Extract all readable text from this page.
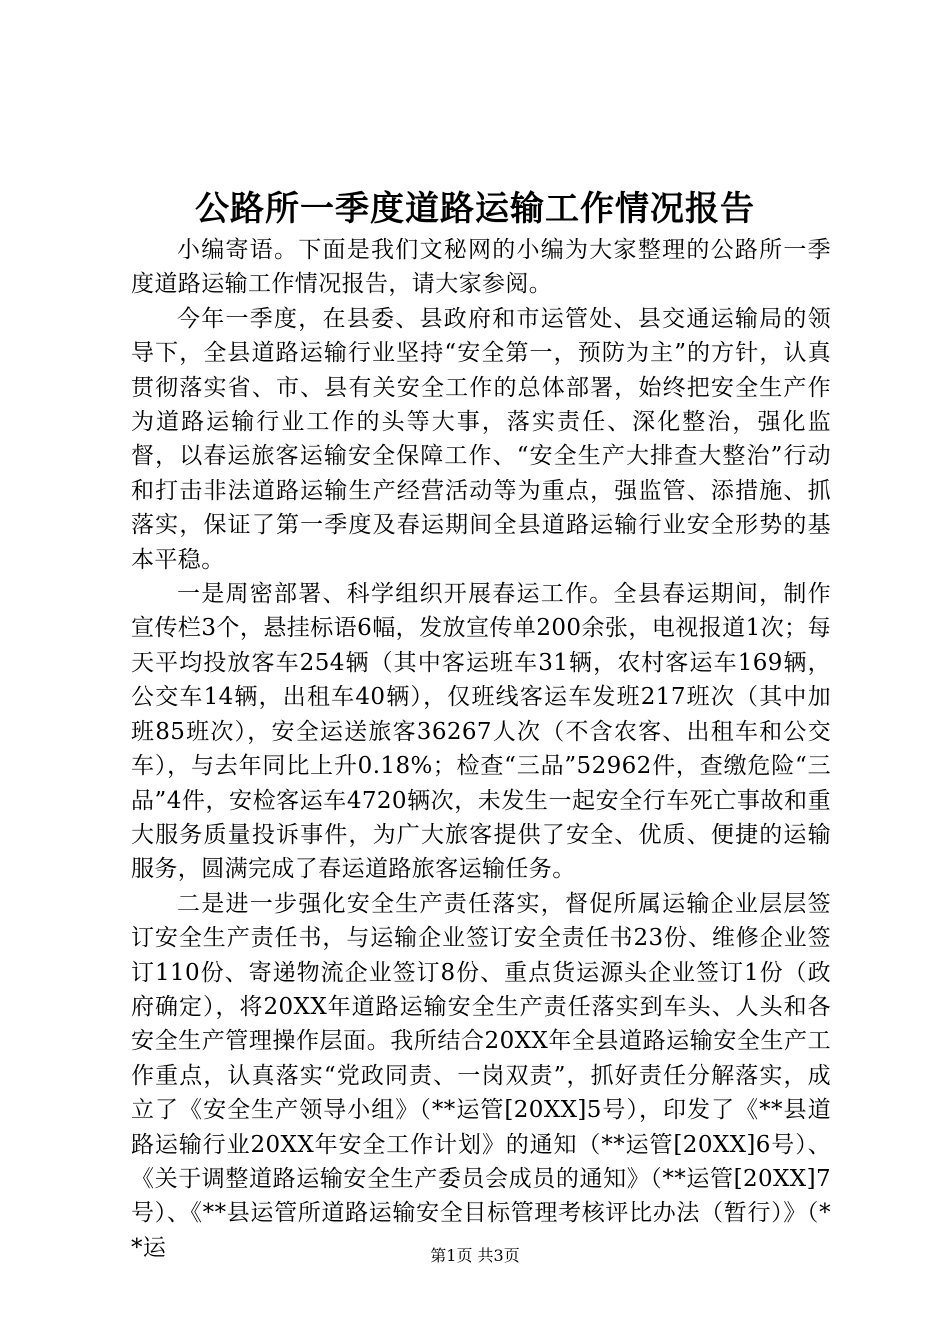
公路所一季度道路运输工作情况报告

小编寄语。下面是我们文秘网的小编为大家整理的公路所一季度道路运输工作情况报告，请大家参阅。

今年一季度，在县委、县政府和市运管处、县交通运输局的领导下，全县道路运输行业坚持“安全第一，预防为主”的方针，认真贯彻落实省、市、县有关安全工作的总体部署，始终把安全生产作为道路运输行业工作的头等大事，落实责任、深化整治，强化监督，以春运旅客运输安全保障工作、“安全生产大排查大整治”行动和打击非法道路运输生产经营活动等为重点，强监管、添措施、抓落实，保证了第一季度及春运期间全县道路运输行业安全形势的基本平稳。

一是周密部署、科学组织开展春运工作。全县春运期间，制作宣传栏3个，悬挂标语6幅，发放宣传单200余张，电视报道1次；每天平均投放客车254辆（其中客运班车31辆，农村客运车169辆，公交车14辆，出租车40辆），仅班线客运车发班217班次（其中加班85班次），安全运送旅客36267人次（不含农客、出租车和公交车），与去年同比上升0.18%；检查“三品”52962件，查缴危险“三品”4件，安检客运车4720辆次，未发生一起安全行车死亡事故和重大服务质量投诉事件，为广大旅客提供了安全、优质、便捷的运输服务，圆满完成了春运道路旅客运输任务。

二是进一步强化安全生产责任落实，督促所属运输企业层层签订安全生产责任书，与运输企业签订安全责任书23份、维修企业签订110份、寄递物流企业签订8份、重点货运源头企业签订1份（政府确定），将20XX年道路运输安全生产责任落实到车头、人头和各安全生产管理操作层面。我所结合20XX年全县道路运输安全生产工作重点，认真落实“党政同责、一岗双责”，抓好责任分解落实，成立了《安全生产领导小组》（**运管[20XX]5号），印发了《**县道路运输行业20XX年安全工作计划》的通知（**运管[20XX]6号）、《关于调整道路运输安全生产委员会成员的通知》（**运管[20XX]7号）、《**县运管所道路运输安全目标管理考核评比办法（暂行）》（**运	第1页 共3页
